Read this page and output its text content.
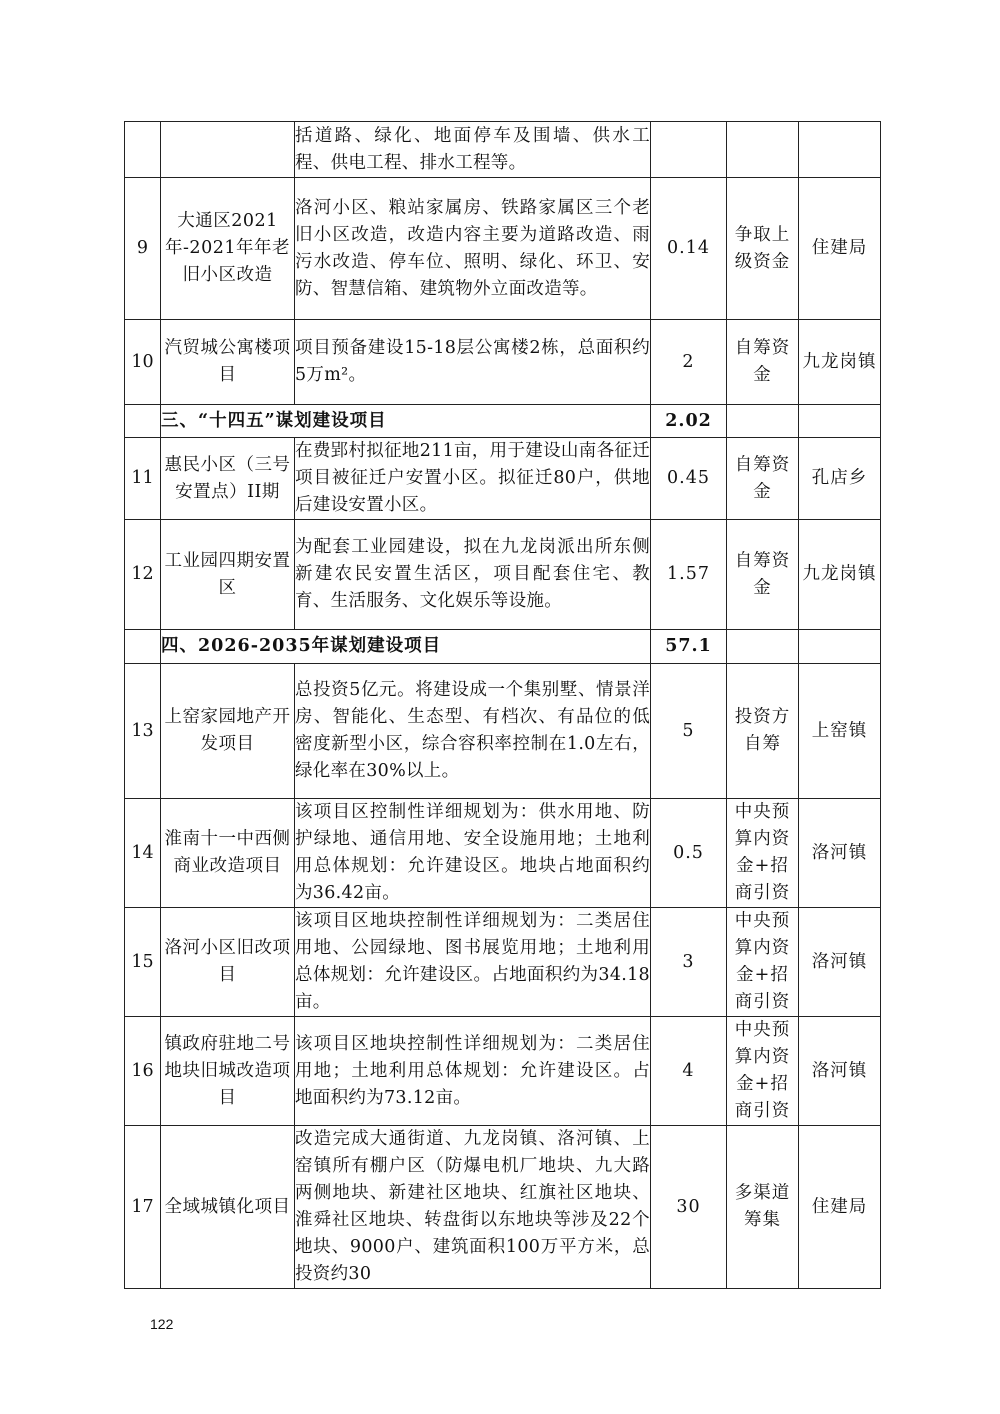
		括道路、绿化、地面停车及围墙、供水工程、供电工程、排水工程等。			
9	大通区2021年-2021年年老旧小区改造	洛河小区、粮站家属房、铁路家属区三个老旧小区改造，改造内容主要为道路改造、雨污水改造、停车位、照明、绿化、环卫、安防、智慧信箱、建筑物外立面改造等。	0.14	争取上级资金	住建局
10	汽贸城公寓楼项目	项目预备建设15-18层公寓楼2栋，总面积约5万m²。	2	自筹资金	九龙岗镇
	三、“十四五”谋划建设项目		2.02		
11	惠民小区（三号安置点）II期	在费郢村拟征地211亩，用于建设山南各征迁项目被征迁户安置小区。拟征迁80户，供地后建设安置小区。	0.45	自筹资金	孔店乡
12	工业园四期安置区	为配套工业园建设，拟在九龙岗派出所东侧新建农民安置生活区，项目配套住宅、教育、生活服务、文化娱乐等设施。	1.57	自筹资金	九龙岗镇
	四、2026-2035年谋划建设项目		57.1		
13	上窑家园地产开发项目	总投资5亿元。将建设成一个集别墅、情景洋房、智能化、生态型、有档次、有品位的低密度新型小区，综合容积率控制在1.0左右，绿化率在30%以上。	5	投资方自筹	上窑镇
14	淮南十一中西侧商业改造项目	该项目区控制性详细规划为：供水用地、防护绿地、通信用地、安全设施用地；土地利用总体规划：允许建设区。地块占地面积约为36.42亩。	0.5	中央预算内资金+招商引资	洛河镇
15	洛河小区旧改项目	该项目区地块控制性详细规划为：二类居住用地、公园绿地、图书展览用地；土地利用总体规划：允许建设区。占地面积约为34.18亩。	3	中央预算内资金+招商引资	洛河镇
16	镇政府驻地二号地块旧城改造项目	该项目区地块控制性详细规划为：二类居住用地；土地利用总体规划：允许建设区。占地面积约为73.12亩。	4	中央预算内资金+招商引资	洛河镇
17	全域城镇化项目	改造完成大通街道、九龙岗镇、洛河镇、上窑镇所有棚户区（防爆电机厂地块、九大路两侧地块、新建社区地块、红旗社区地块、淮舜社区地块、转盘街以东地块等涉及22个地块、9000户、建筑面积100万平方米，总投资约30	30	多渠道筹集	住建局
122
